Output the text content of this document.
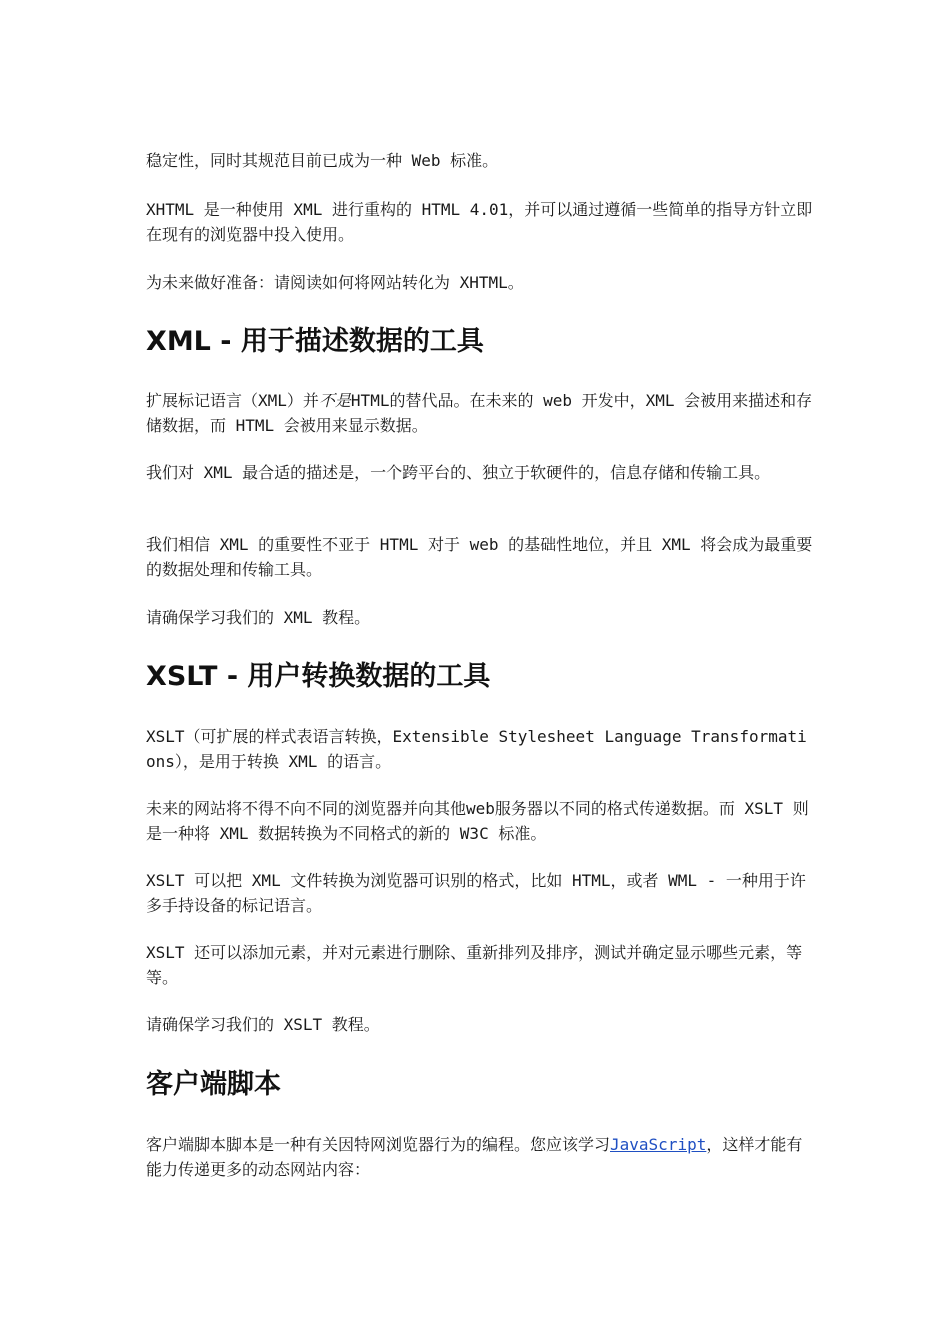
稳定性，同时其规范目前已成为一种 Web 标准。

XHTML 是一种使用 XML 进行重构的 HTML 4.01，并可以通过遵循一些简单的指导方针立即在现有的浏览器中投入使用。

为未来做好准备：请阅读如何将网站转化为 XHTML。

XML - 用于描述数据的工具

扩展标记语言（XML）并不是HTML的替代品。在未来的 web 开发中，XML 会被用来描述和存储数据，而 HTML 会被用来显示数据。

我们对 XML 最合适的描述是，一个跨平台的、独立于软硬件的，信息存储和传输工具。

我们相信 XML 的重要性不亚于 HTML 对于 web 的基础性地位，并且 XML 将会成为最重要的数据处理和传输工具。

请确保学习我们的 XML 教程。

XSLT - 用户转换数据的工具

XSLT（可扩展的样式表语言转换，Extensible Stylesheet Language Transformations），是用于转换 XML 的语言。

未来的网站将不得不向不同的浏览器并向其他web服务器以不同的格式传递数据。而 XSLT 则是一种将 XML 数据转换为不同格式的新的 W3C 标准。

XSLT 可以把 XML 文件转换为浏览器可识别的格式，比如 HTML，或者 WML - 一种用于许多手持设备的标记语言。

XSLT 还可以添加元素，并对元素进行删除、重新排列及排序，测试并确定显示哪些元素，等等。

请确保学习我们的 XSLT 教程。

客户端脚本

客户端脚本脚本是一种有关因特网浏览器行为的编程。您应该学习JavaScript，这样才能有能力传递更多的动态网站内容：
